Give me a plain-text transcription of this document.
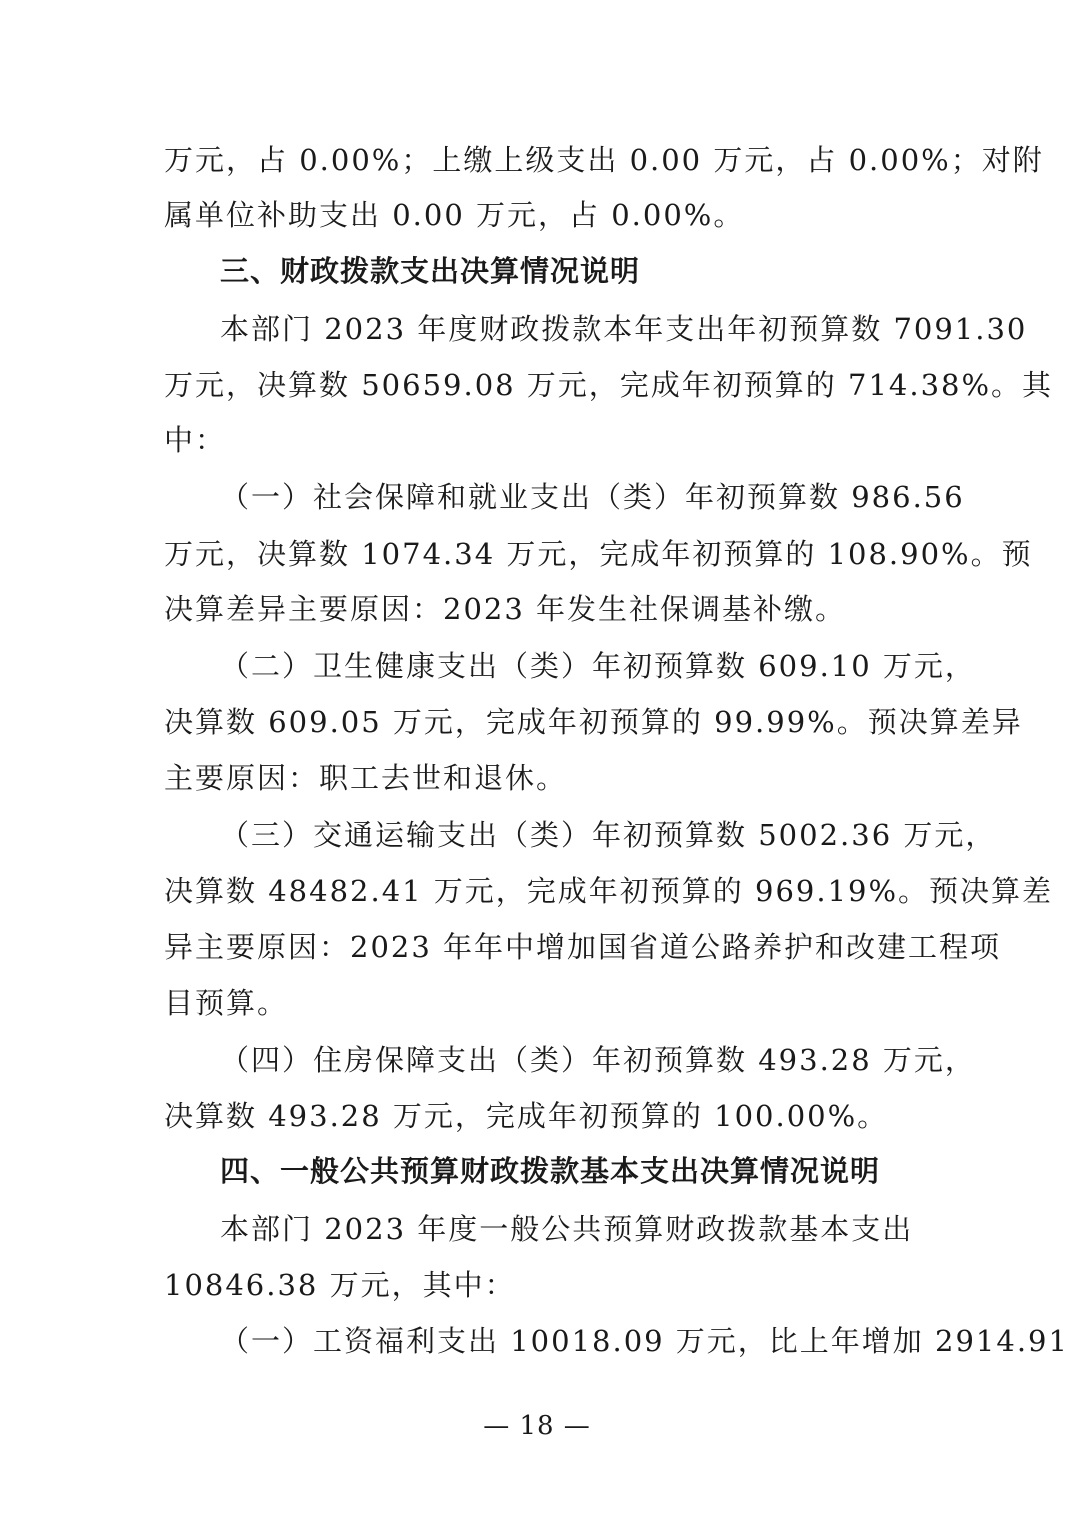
万元，占 0.00%；上缴上级支出 0.00 万元，占 0.00%；对附
属单位补助支出 0.00 万元，占 0.00%。
三、财政拨款支出决算情况说明
本部门 2023 年度财政拨款本年支出年初预算数 7091.30
万元，决算数 50659.08 万元，完成年初预算的 714.38%。其
中：
（一）社会保障和就业支出（类）年初预算数 986.56
万元，决算数 1074.34 万元，完成年初预算的 108.90%。预
决算差异主要原因：2023 年发生社保调基补缴。
（二）卫生健康支出（类）年初预算数 609.10 万元，
决算数 609.05 万元，完成年初预算的 99.99%。预决算差异
主要原因：职工去世和退休。
（三）交通运输支出（类）年初预算数 5002.36 万元，
决算数 48482.41 万元，完成年初预算的 969.19%。预决算差
异主要原因：2023 年年中增加国省道公路养护和改建工程项
目预算。
（四）住房保障支出（类）年初预算数 493.28 万元，
决算数 493.28 万元，完成年初预算的 100.00%。
四、一般公共预算财政拨款基本支出决算情况说明
本部门 2023 年度一般公共预算财政拨款基本支出
10846.38 万元，其中：
（一）工资福利支出 10018.09 万元，比上年增加 2914.91
— 18 —
